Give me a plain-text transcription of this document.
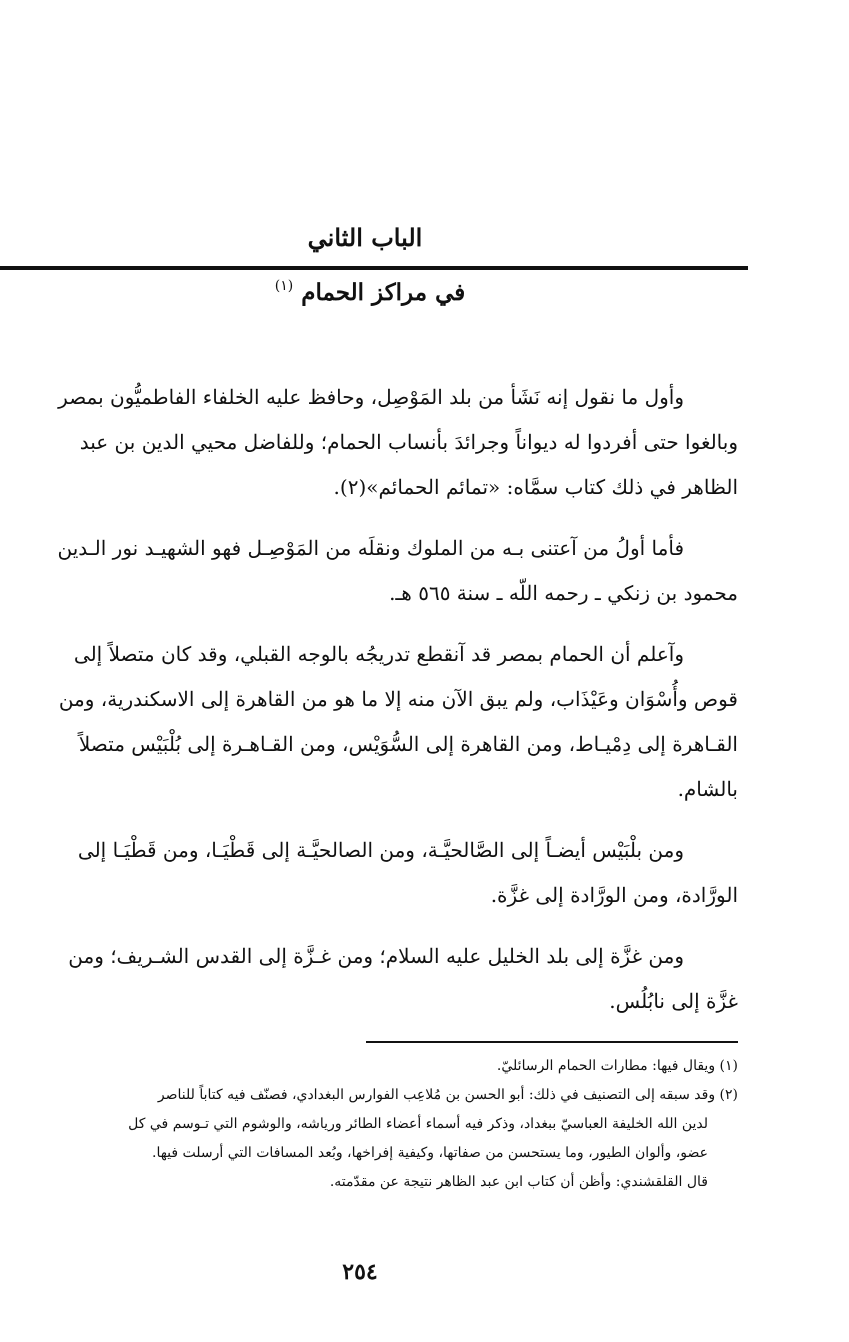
الباب الثاني
في مراكز الحمام $^{(١)}$
وأول ما نقول إنه نَشَأ من بلد المَوْصِل، وحافظ عليه الخلفاء الفاطميُّون بمصر
وبالغوا حتى أفردوا له ديواناً وجرائدَ بأنساب الحمام؛ وللفاضل محيي الدين بن عبد
الظاهر في ذلك كتاب سمَّاه: «تمائم الحمائم»(٢).
فأما أولُ من آعتنى بـه من الملوك ونقلَه من المَوْصِـل فهو الشهيـد نور الـدين
محمود بن زنكي ـ رحمه اللّه ـ سنة ٥٦٥ هـ.
وآعلم أن الحمام بمصر قد آنقطع تدريجُه بالوجه القبلي، وقد كان متصلاً إلى
قوص وأُسْوَان وعَيْذَاب، ولم يبق الآن منه إلا ما هو من القاهرة إلى الاسكندرية، ومن
القـاهرة إلى دِمْيـاط، ومن القاهرة إلى السُّوَيْس، ومن القـاهـرة إلى بُلْبَيْس متصلاً
بالشام.
ومن بلْبَيْس أيضـاً إلى الصَّالحيَّـة، ومن الصالحيَّـة إلى قَطْيَـا، ومن قَطْيَـا إلى
الورَّادة، ومن الورَّادة إلى غزَّة.
ومن غزَّة إلى بلد الخليل عليه السلام؛ ومن غـزَّة إلى القدس الشـريف؛ ومن
غزَّة إلى نابُلُس.
(١) ويقال فيها: مطارات الحمام الرسائليّ.
(٢) وقد سبقه إلى التصنيف في ذلك: أبو الحسن بن مُلاعِب الفوارس البغدادي، فصنّف فيه كتاباً للناصر
لدين الله الخليفة العباسيّ ببغداد، وذكر فيه أسماء أعضاء الطائر ورياشه، والوشوم التي تـوسم في كل
عضو، وألوان الطيور، وما يستحسن من صفاتها، وكيفية إفراخها، وبُعد المسافات التي أرسلت فيها.
قال القلقشندي: وأظن أن كتاب ابن عبد الظاهر نتيجة عن مقدّمته.
٢٥٤
